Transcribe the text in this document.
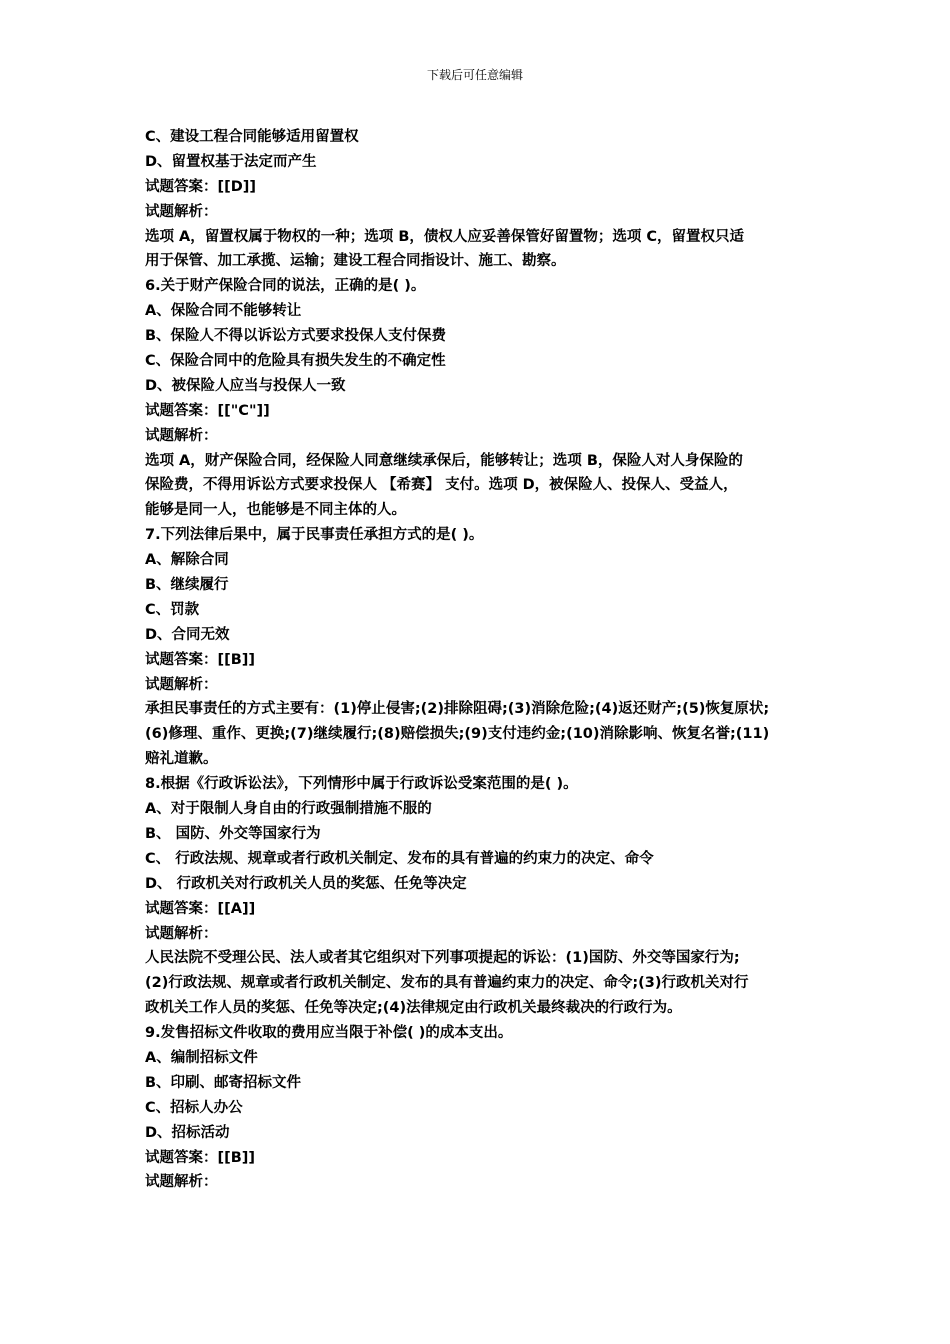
下载后可任意编辑
C、建设工程合同能够适用留置权
D、留置权基于法定而产生
试题答案：[[D]]
试题解析：
选项 A，留置权属于物权的一种；选项 B，债权人应妥善保管好留置物；选项 C，留置权只适
用于保管、加工承揽、运输；建设工程合同指设计、施工、勘察。
6.关于财产保险合同的说法，正确的是( )。
A、保险合同不能够转让
B、保险人不得以诉讼方式要求投保人支付保费
C、保险合同中的危险具有损失发生的不确定性
D、被保险人应当与投保人一致
试题答案：[["C"]]
试题解析：
选项 A，财产保险合同，经保险人同意继续承保后，能够转让；选项 B，保险人对人身保险的
保险费，不得用诉讼方式要求投保人 【希赛】 支付。选项 D，被保险人、投保人、受益人，
能够是同一人，也能够是不同主体的人。
7.下列法律后果中，属于民事责任承担方式的是( )。
A、解除合同
B、继续履行
C、罚款
D、合同无效
试题答案：[[B]]
试题解析：
承担民事责任的方式主要有：(1)停止侵害;(2)排除阻碍;(3)消除危险;(4)返还财产;(5)恢复原状;
(6)修理、重作、更换;(7)继续履行;(8)赔偿损失;(9)支付违约金;(10)消除影响、恢复名誉;(11)
赔礼道歉。
8.根据《行政诉讼法》，下列情形中属于行政诉讼受案范围的是( )。
A、对于限制人身自由的行政强制措施不服的
B、 国防、外交等国家行为
C、 行政法规、规章或者行政机关制定、发布的具有普遍的约束力的决定、命令
D、 行政机关对行政机关人员的奖惩、任免等决定
试题答案：[[A]]
试题解析：
人民法院不受理公民、法人或者其它组织对下列事项提起的诉讼：(1)国防、外交等国家行为;
(2)行政法规、规章或者行政机关制定、发布的具有普遍约束力的决定、命令;(3)行政机关对行
政机关工作人员的奖惩、任免等决定;(4)法律规定由行政机关最终裁决的行政行为。
9.发售招标文件收取的费用应当限于补偿( )的成本支出。
A、编制招标文件
B、印刷、邮寄招标文件
C、招标人办公
D、招标活动
试题答案：[[B]]
试题解析：
